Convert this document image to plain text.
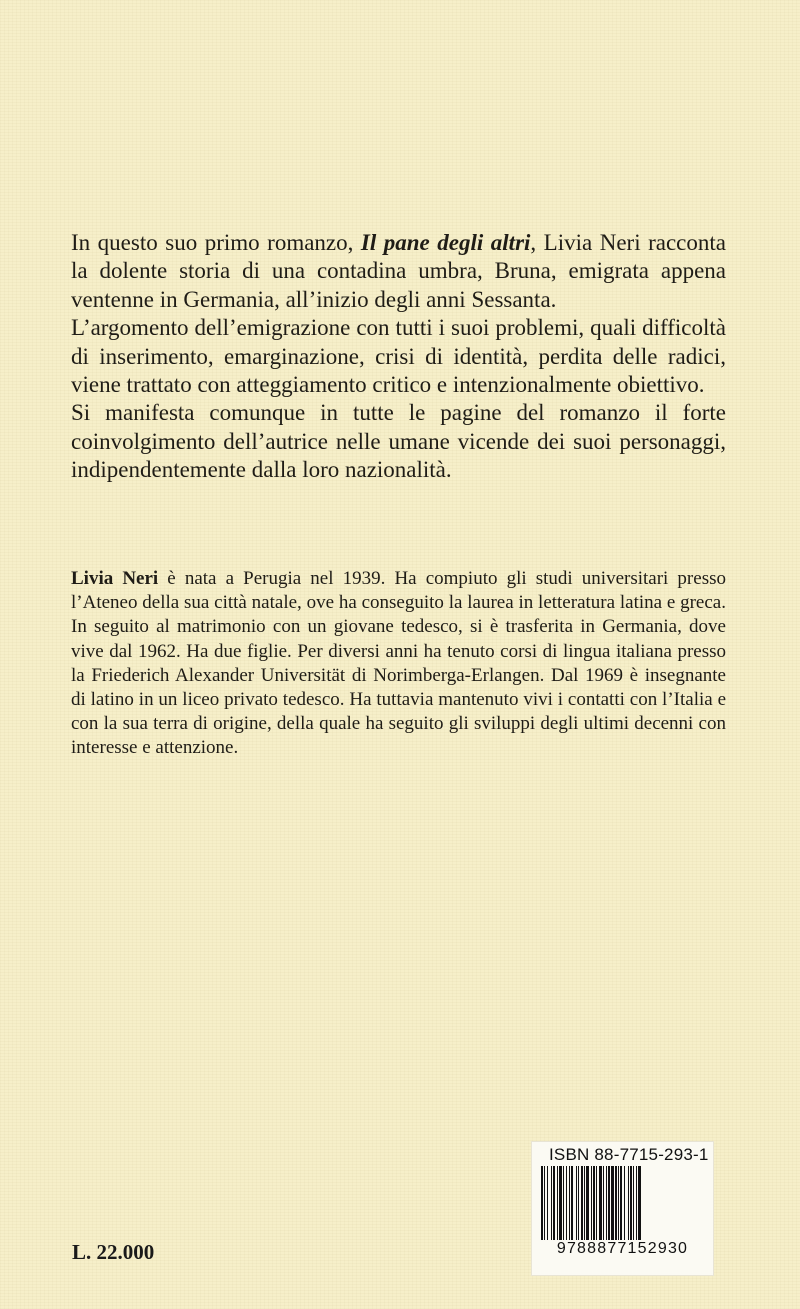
In questo suo primo romanzo, Il pane degli altri, Livia Neri racconta la dolente storia di una contadina umbra, Bruna, emigrata appena ventenne in Germania, all’inizio degli anni Sessanta.

L’argomento dell’emigrazione con tutti i suoi problemi, quali difficoltà di inserimento, emarginazione, crisi di identità, perdita delle radici, viene trattato con atteggiamento critico e intenzionalmente obiettivo.

Si manifesta comunque in tutte le pagine del romanzo il forte coinvolgimento dell’autrice nelle umane vicende dei suoi personaggi, indipendentemente dalla loro nazionalità.

Livia Neri è nata a Perugia nel 1939. Ha compiuto gli studi universitari presso l’Ateneo della sua città natale, ove ha conseguito la laurea in letteratura latina e greca. In seguito al matrimonio con un giovane tedesco, si è trasferita in Germania, dove vive dal 1962. Ha due figlie. Per diversi anni ha tenuto corsi di lingua italiana presso la Friederich Alexander Universität di Norimberga-Erlangen. Dal 1969 è insegnante di latino in un liceo privato tedesco. Ha tuttavia mantenuto vivi i contatti con l’Italia e con la sua terra di origine, della quale ha seguito gli sviluppi degli ultimi decenni con interesse e attenzione.

ISBN 88-7715-293-1
9788877152930
L. 22.000
